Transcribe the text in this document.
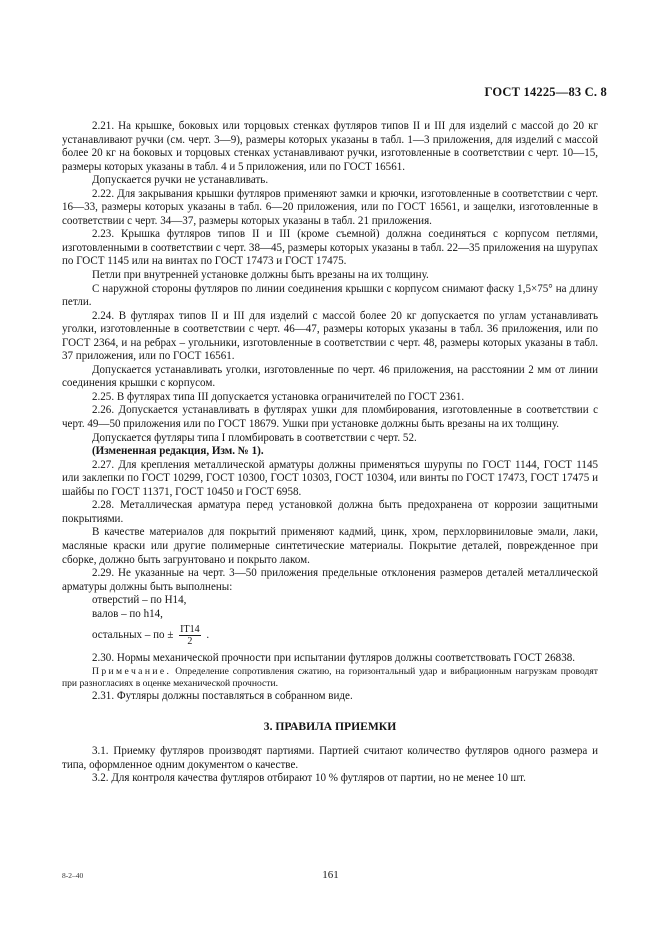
ГОСТ 14225—83 С. 8

2.21. На крышке, боковых или торцовых стенках футляров типов II и III для изделий с массой до 20 кг устанавливают ручки (см. черт. 3—9), размеры которых указаны в табл. 1—3 приложения, для изделий с массой более 20 кг на боковых и торцовых стенках устанавливают ручки, изготовленные в соответствии с черт. 10—15, размеры которых указаны в табл. 4 и 5 приложения, или по ГОСТ 16561.

Допускается ручки не устанавливать.

2.22. Для закрывания крышки футляров применяют замки и крючки, изготовленные в соответствии с черт. 16—33, размеры которых указаны в табл. 6—20 приложения, или по ГОСТ 16561, и защелки, изготовленные в соответствии с черт. 34—37, размеры которых указаны в табл. 21 приложения.

2.23. Крышка футляров типов II и III (кроме съемной) должна соединяться с корпусом петлями, изготовленными в соответствии с черт. 38—45, размеры которых указаны в табл. 22—35 приложения на шурупах по ГОСТ 1145 или на винтах по ГОСТ 17473 и ГОСТ 17475.

Петли при внутренней установке должны быть врезаны на их толщину.

С наружной стороны футляров по линии соединения крышки с корпусом снимают фаску 1,5×75° на длину петли.

2.24. В футлярах типов II и III для изделий с массой более 20 кг допускается по углам устанавливать уголки, изготовленные в соответствии с черт. 46—47, размеры которых указаны в табл. 36 приложения, или по ГОСТ 2364, и на ребрах – угольники, изготовленные в соответствии с черт. 48, размеры которых указаны в табл. 37 приложения, или по ГОСТ 16561.

Допускается устанавливать уголки, изготовленные по черт. 46 приложения, на расстоянии 2 мм от линии соединения крышки с корпусом.

2.25. В футлярах типа III допускается установка ограничителей по ГОСТ 2361.

2.26. Допускается устанавливать в футлярах ушки для пломбирования, изготовленные в соответствии с черт. 49—50 приложения или по ГОСТ 18679. Ушки при установке должны быть врезаны на их толщину.

Допускается футляры типа I пломбировать в соответствии с черт. 52.

(Измененная редакция, Изм. № 1).

2.27. Для крепления металлической арматуры должны применяться шурупы по ГОСТ 1144, ГОСТ 1145 или заклепки по ГОСТ 10299, ГОСТ 10300, ГОСТ 10303, ГОСТ 10304, или винты по ГОСТ 17473, ГОСТ 17475 и шайбы по ГОСТ 11371, ГОСТ 10450 и ГОСТ 6958.

2.28. Металлическая арматура перед установкой должна быть предохранена от коррозии защитными покрытиями.

В качестве материалов для покрытий применяют кадмий, цинк, хром, перхлорвиниловые эмали, лаки, масляные краски или другие полимерные синтетические материалы. Покрытие деталей, поврежденное при сборке, должно быть загрунтовано и покрыто лаком.

2.29. Не указанные на черт. 3—50 приложения предельные отклонения размеров деталей металлической арматуры должны быть выполнены:

отверстий – по Н14,

валов – по h14,

остальных – по ± $\frac{IT14}{2}$ .

2.30. Нормы механической прочности при испытании футляров должны соответствовать ГОСТ 26838.

Примечание. Определение сопротивления сжатию, на горизонтальный удар и вибрационным нагрузкам проводят при разногласиях в оценке механической прочности.

2.31. Футляры должны поставляться в собранном виде.

3. ПРАВИЛА ПРИЕМКИ

3.1. Приемку футляров производят партиями. Партией считают количество футляров одного размера и типа, оформленное одним документом о качестве.

3.2. Для контроля качества футляров отбирают 10 % футляров от партии, но не менее 10 шт.

8-2–40	161
